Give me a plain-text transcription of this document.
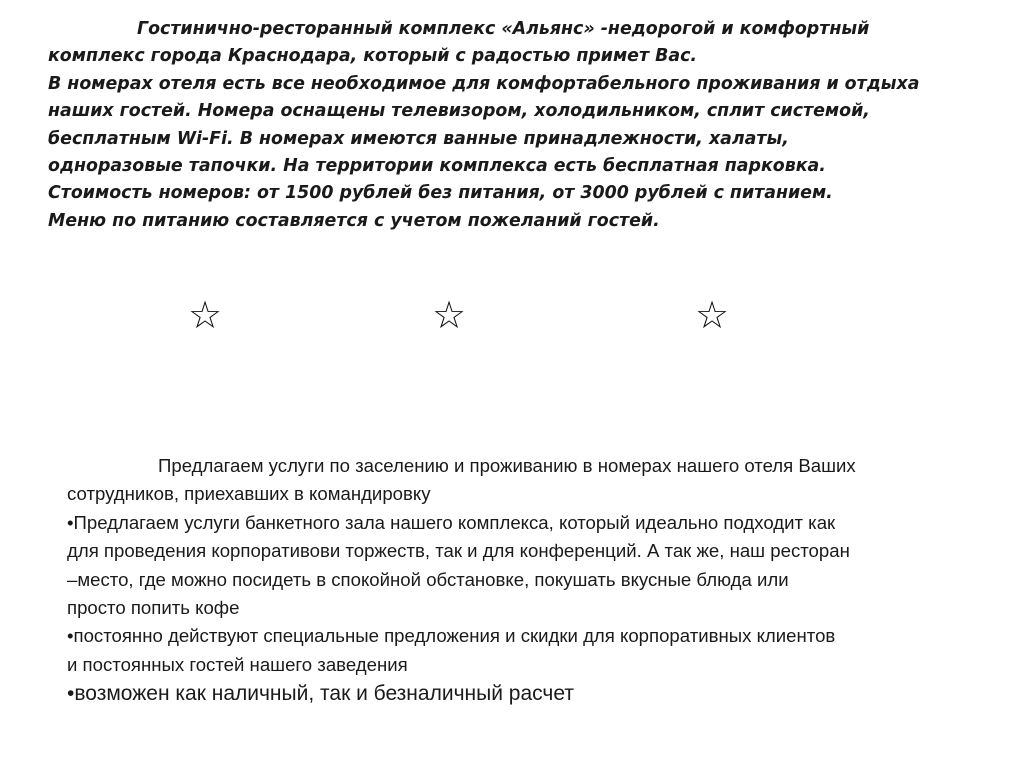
Гостинично-ресторанный комплекс «Альянс» -недорогой и комфортный
комплекс города Краснодара, который с радостью примет Вас.
В номерах отеля есть все необходимое для комфортабельного проживания и отдыха
наших гостей. Номера оснащены телевизором, холодильником, сплит системой,
бесплатным Wi-Fi. В номерах имеются ванные принадлежности, халаты,
одноразовые тапочки. На территории комплекса есть бесплатная парковка.
Стоимость номеров: от 1500 рублей без питания, от 3000 рублей с питанием.
Меню по питанию составляется с учетом пожеланий гостей.
☆	☆	☆
Предлагаем услуги по заселению и проживанию в номерах нашего отеля Ваших
сотрудников, приехавших в командировку
•Предлагаем услуги банкетного зала нашего комплекса, который идеально подходит как
для проведения корпоративови торжеств, так и для конференций. А так же, наш ресторан
–место, где можно посидеть в спокойной обстановке, покушать вкусные блюда или
просто попить кофе
•постоянно действуют специальные предложения и скидки для корпоративных клиентов
и постоянных гостей нашего заведения
•возможен как наличный, так и безналичный расчет
